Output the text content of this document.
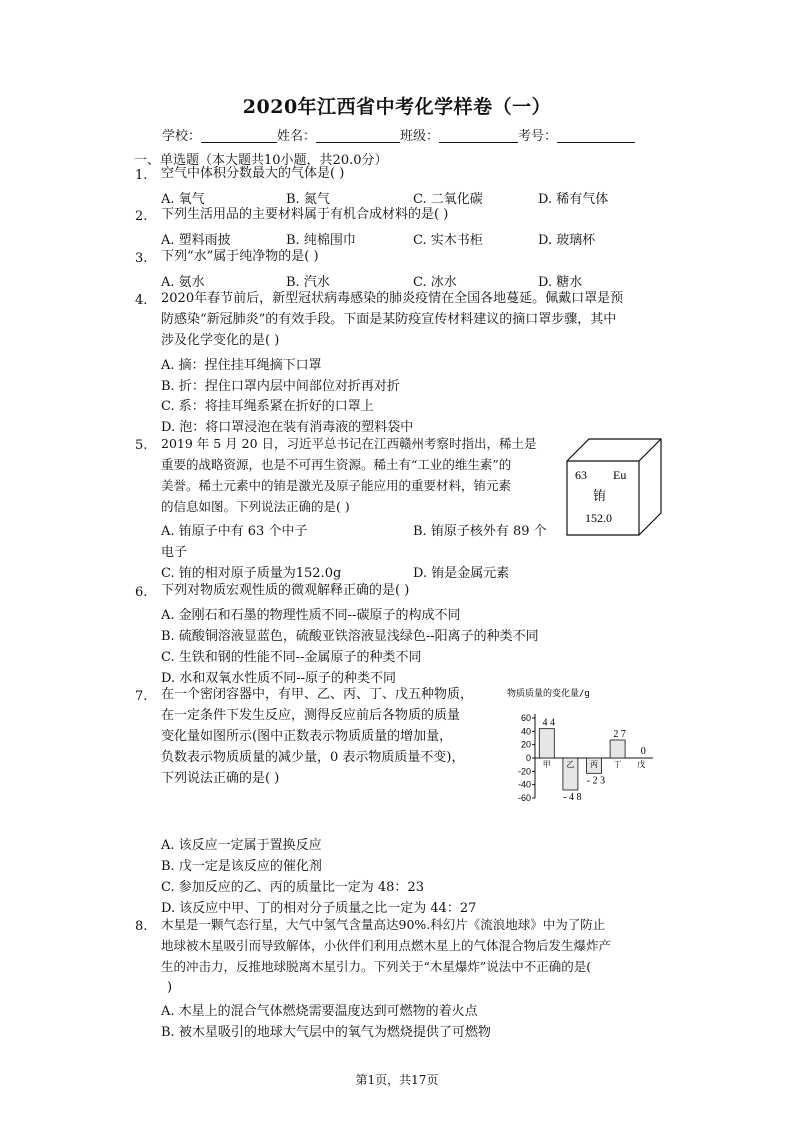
2020年江西省中考化学样卷（一）
学校：	姓名：	班级：	考号：
一、单选题（本大题共10小题，共20.0分）
1. 空气中体积分数最大的气体是( )
A. 氧气	B. 氮气	C. 二氧化碳	D. 稀有气体
2. 下列生活用品的主要材料属于有机合成材料的是( )
A. 塑料雨披	B. 纯棉围巾	C. 实木书柜	D. 玻璃杯
3. 下列“水”属于纯净物的是( )
A. 氨水	B. 汽水	C. 冰水	D. 糖水
4. 2020年春节前后，新型冠状病毒感染的肺炎疫情在全国各地蔓延。佩戴口罩是预
防感染“新冠肺炎”的有效手段。下面是某防疫宣传材料建议的摘口罩步骤，其中
涉及化学变化的是( )
A. 摘：捏住挂耳绳摘下口罩
B. 折：捏住口罩内层中间部位对折再对折
C. 系：将挂耳绳系紧在折好的口罩上
D. 泡：将口罩浸泡在装有消毒液的塑料袋中
5. 2019 年 5 月 20 日，习近平总书记在江西赣州考察时指出，稀土是
重要的战略资源，也是不可再生资源。稀土有“工业的维生素”的
美誉。稀土元素中的铕是激光及原子能应用的重要材料，铕元素
的信息如图。下列说法正确的是( )
A. 铕原子中有 63 个中子	B. 铕原子核外有 89 个
电子
C. 铕的相对原子质量为152.0g	D. 铕是金属元素
63 Eu
铕
152.0
6. 下列对物质宏观性质的微观解释正确的是( )
A. 金刚石和石墨的物理性质不同--碳原子的构成不同
B. 硫酸铜溶液显蓝色，硫酸亚铁溶液显浅绿色--阳离子的种类不同
C. 生铁和钢的性能不同--金属原子的种类不同
D. 水和双氧水性质不同--原子的种类不同
7. 在一个密闭容器中，有甲、乙、丙、丁、戊五种物质，
在一定条件下发生反应，测得反应前后各物质的质量
变化量如图所示(图中正数表示物质质量的增加量，
负数表示物质质量的减少量，0 表示物质质量不变)，
下列说法正确的是( )
物质质量的变化量/g
60
40
20
0
-20
-40
-60
甲
4 4
乙
- 4 8
丙
- 2 3
丁
2 7
戊
0
A. 该反应一定属于置换反应
B. 戊一定是该反应的催化剂
C. 参加反应的乙、丙的质量比一定为 48：23
D. 该反应中甲、丁的相对分子质量之比一定为 44：27
8. 木星是一颗气态行星，大气中氢气含量高达90%.科幻片《流浪地球》中为了防止
地球被木星吸引而导致解体，小伙伴们利用点燃木星上的气体混合物后发生爆炸产
生的冲击力，反推地球脱离木星引力。下列关于“木星爆炸”说法中不正确的是(
)
A. 木星上的混合气体燃烧需要温度达到可燃物的着火点
B. 被木星吸引的地球大气层中的氧气为燃烧提供了可燃物
第1页，共17页
